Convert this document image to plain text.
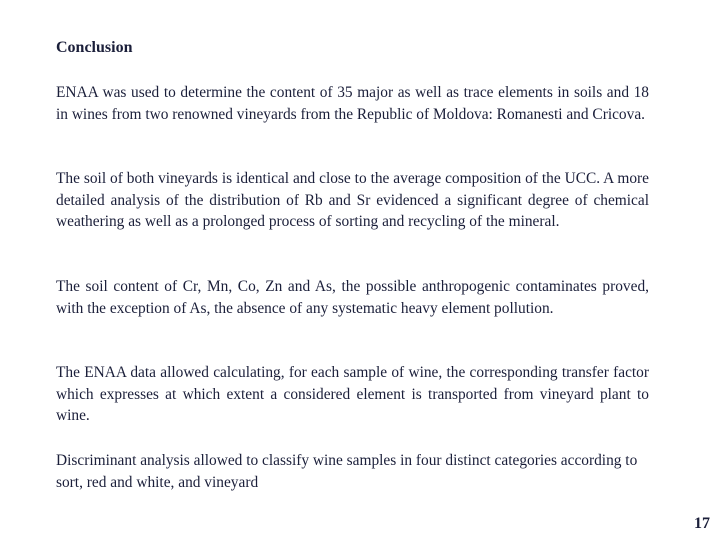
Conclusion

ENAA was used to determine the content of 35 major as well as trace elements in soils and 18 in wines from two renowned vineyards from the Republic of Moldova: Romanesti and Cricova.

The soil of both vineyards is identical and close to the average composition of the UCC. A more detailed analysis of the distribution of Rb and Sr evidenced a significant degree of chemical weathering as well as a prolonged process of sorting and recycling of the mineral.

The soil content of Cr, Mn, Co, Zn and As, the possible anthropogenic contaminates proved, with the exception of As, the absence of any systematic heavy element pollution.

The ENAA data allowed calculating, for each sample of wine, the corresponding transfer factor which expresses at which extent a considered element is transported from vineyard plant to wine.

Discriminant analysis allowed to classify wine samples in four distinct categories according to sort, red and white, and vineyard

17
